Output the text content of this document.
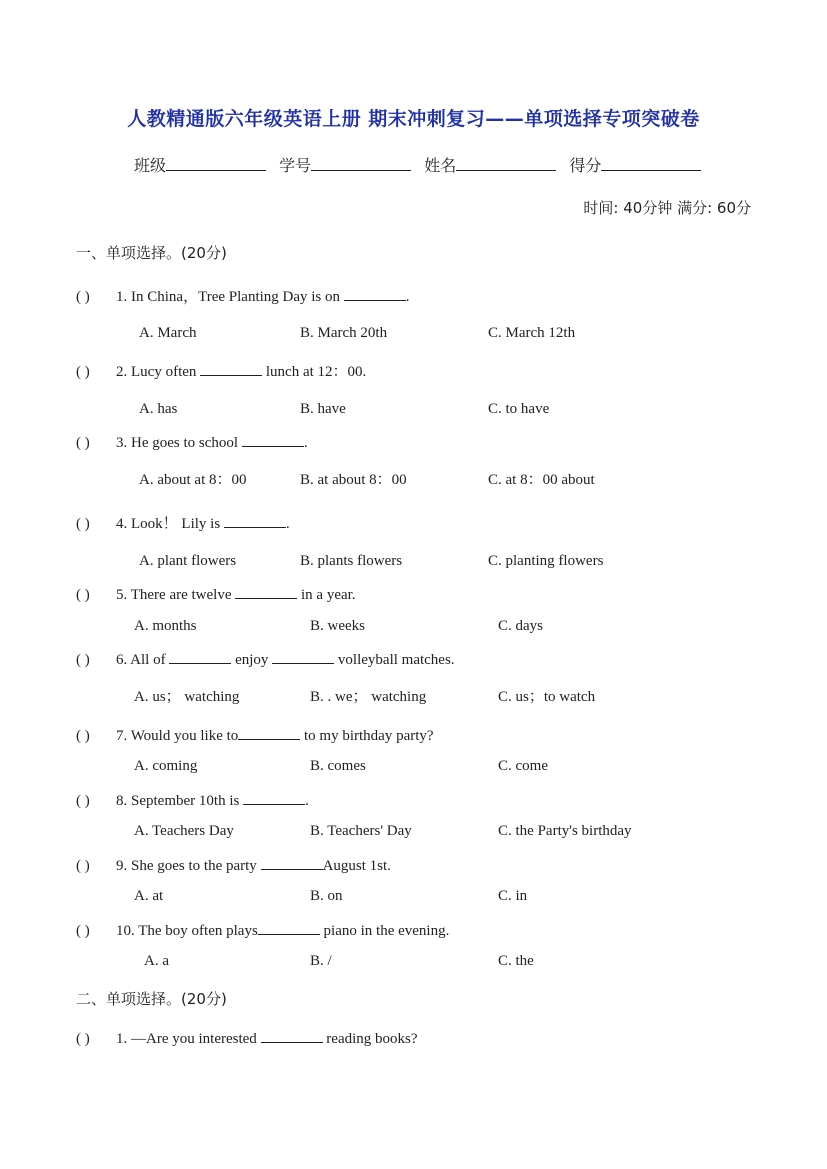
人教精通版六年级英语上册 期末冲刺复习——单项选择专项突破卷
班级	学号	姓名	得分
时间: 40分钟 满分: 60分
一、单项选择。(20分)
( ) 1. In China，Tree Planting Day is on	.
A. March	B. March 20th	C. March 12th
( ) 2. Lucy often	lunch at 12：00.
A. has	B. have	C. to have
( ) 3. He goes to school	.
A. about at 8：00	B. at about 8：00	C. at 8：00 about
( ) 4. Look！ Lily is	.
A. plant flowers	B. plants flowers	C. planting flowers
( ) 5. There are twelve	in a year.
A. months	B. weeks	C. days
( ) 6. All of	enjoy	volleyball matches.
A. us； watching	B. . we； watching	C. us；to watch
( ) 7. Would you like to	to my birthday party?
A. coming	B. comes	C. come
( ) 8. September 10th is	.
A. Teachers Day	B. Teachers' Day	C. the Party's birthday
( ) 9. She goes to the party	August 1st.
A. at	B. on	C. in
( ) 10. The boy often plays	piano in the evening.
A. a	B. /	C. the
二、单项选择。(20分)
( ) 1. —Are you interested	reading books?
